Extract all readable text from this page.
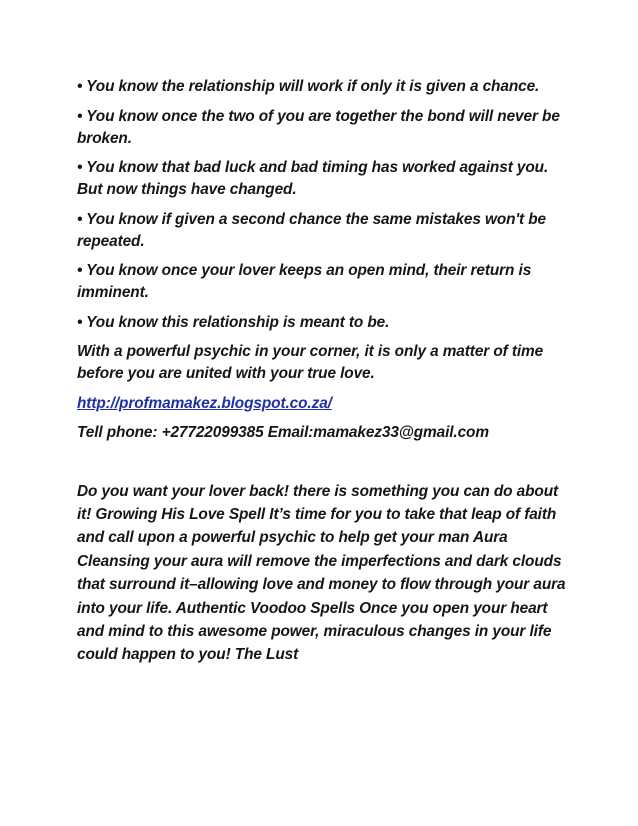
• You know the relationship will work if only it is given a chance.

• You know once the two of you are together the bond will never be broken.

• You know that bad luck and bad timing has worked against you. But now things have changed.

• You know if given a second chance the same mistakes won't be repeated.

• You know once your lover keeps an open mind, their return is imminent.

• You know this relationship is meant to be.

With a powerful psychic in your corner, it is only a matter of time before you are united with your true love.

http://profmamakez.blogspot.co.za/

Tell phone: +27722099385 Email:mamakez33@gmail.com

Do you want your lover back! there is something you can do about it! Growing His Love Spell It’s time for you to take that leap of faith and call upon a powerful psychic to help get your man Aura Cleansing your aura will remove the imperfections and dark clouds that surround it–allowing love and money to flow through your aura into your life. Authentic Voodoo Spells Once you open your heart and mind to this awesome power, miraculous changes in your life could happen to you! The Lust
